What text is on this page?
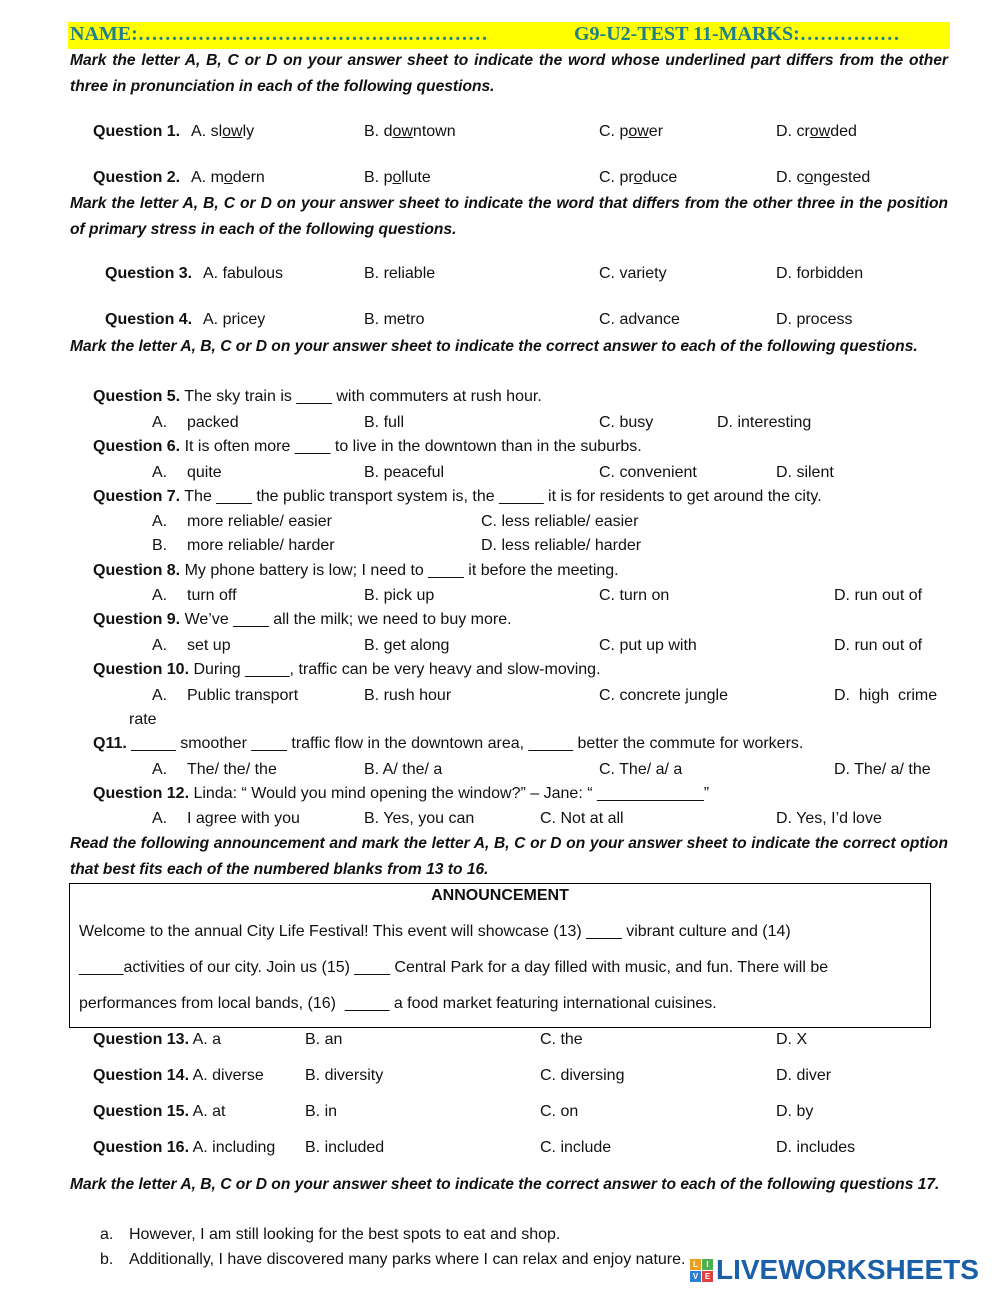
NAME:…………………………………..…………	G9-U2-TEST 11-MARKS:……………
Mark the letter A, B, C or D on your answer sheet to indicate the word whose underlined part differs from the other three in pronunciation in each of the following questions.
Question 1. A. slowly	B. downtown	C. power	D. crowded
Question 2. A. modern	B. pollute	C. produce	D. congested
Mark the letter A, B, C or D on your answer sheet to indicate the word that differs from the other three in the position of primary stress in each of the following questions.
Question 3. A. fabulous	B. reliable	C. variety	D. forbidden
Question 4. A. pricey	B. metro	C. advance	D. process
Mark the letter A, B, C or D on your answer sheet to indicate the correct answer to each of the following questions.
Question 5. The sky train is ____ with commuters at rush hour.
A. packed	B. full	C. busy	D. interesting
Question 6. It is often more ____ to live in the downtown than in the suburbs.
A. quite	B. peaceful	C. convenient	D. silent
Question 7. The ____ the public transport system is, the _____ it is for residents to get around the city.
A. more reliable/ easier	C. less reliable/ easier
B. more reliable/ harder	D. less reliable/ harder
Question 8. My phone battery is low; I need to ____ it before the meeting.
A. turn off	B. pick up	C. turn on	D. run out of
Question 9. We’ve ____ all the milk; we need to buy more.
A. set up	B. get along	C. put up with	D. run out of
Question 10. During _____, traffic can be very heavy and slow-moving.
A. Public transport	B. rush hour	C. concrete jungle	D.  high  crime
rate
Q11. _____ smoother ____ traffic flow in the downtown area, _____ better the commute for workers.
A. The/ the/ the	B. A/ the/ a	C. The/ a/ a	D. The/ a/ the
Question 12. Linda: “ Would you mind opening the window?” – Jane: “ ____________”
A. I agree with you	B. Yes, you can	C. Not at all	D. Yes, I’d love
Read the following announcement and mark the letter A, B, C or D on your answer sheet to indicate the correct option that best fits each of the numbered blanks from 13 to 16.
ANNOUNCEMENT
Welcome to the annual City Life Festival! This event will showcase (13) ____ vibrant culture and (14)
_____activities of our city. Join us (15) ____ Central Park for a day filled with music, and fun. There will be
performances from local bands, (16)  _____ a food market featuring international cuisines.
Question 13. A. a	B. an	C. the	D. X
Question 14. A. diverse	B. diversity	C. diversing	D. diver
Question 15. A. at	B. in	C. on	D. by
Question 16. A. including B. included	C. include	D. includes
Mark the letter A, B, C or D on your answer sheet to indicate the correct answer to each of the following questions 17.
a. However, I am still looking for the best spots to eat and shop.
b. Additionally, I have discovered many parks where I can relax and enjoy nature. L	I
V E LIVEWORKSHEETS
